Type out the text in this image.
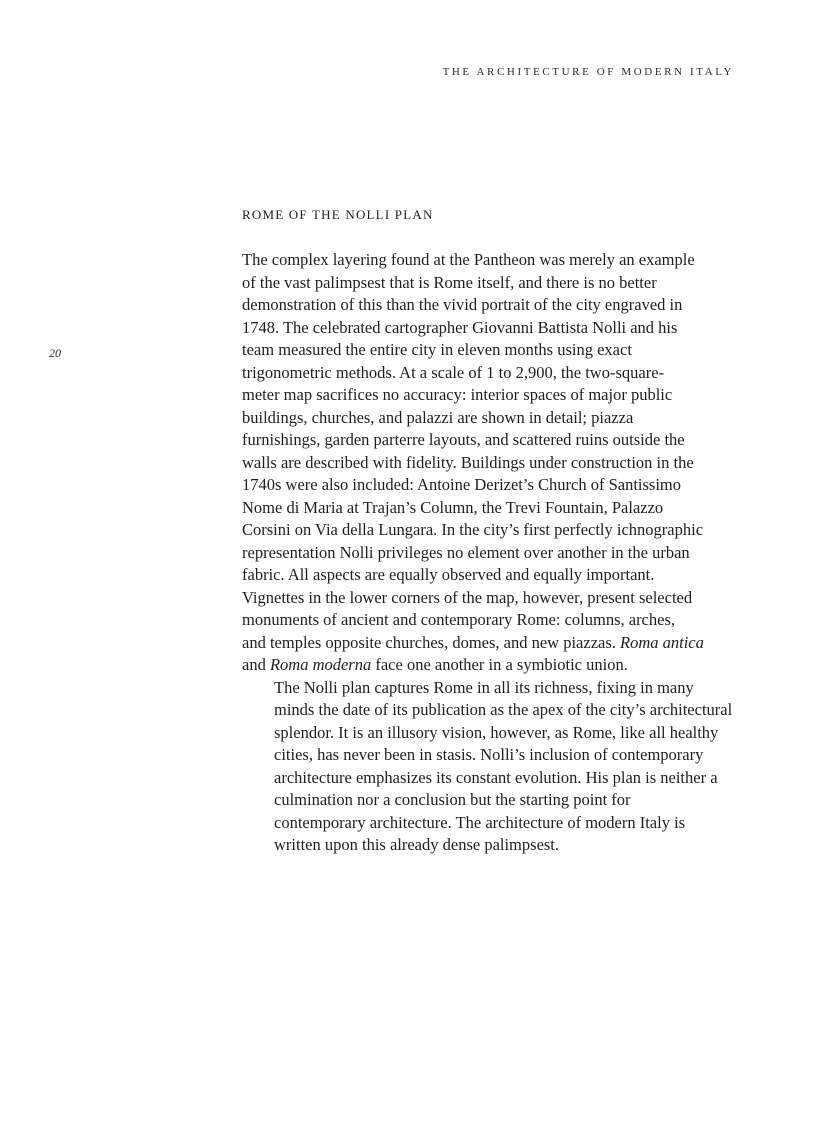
THE ARCHITECTURE OF MODERN ITALY
20
ROME OF THE NOLLI PLAN

The complex layering found at the Pantheon was merely an example
of the vast palimpsest that is Rome itself, and there is no better
demonstration of this than the vivid portrait of the city engraved in
1748. The celebrated cartographer Giovanni Battista Nolli and his
team measured the entire city in eleven months using exact
trigonometric methods. At a scale of 1 to 2,900, the two-square-
meter map sacrifices no accuracy: interior spaces of major public
buildings, churches, and palazzi are shown in detail; piazza
furnishings, garden parterre layouts, and scattered ruins outside the
walls are described with fidelity. Buildings under construction in the
1740s were also included: Antoine Derizet’s Church of Santissimo
Nome di Maria at Trajan’s Column, the Trevi Fountain, Palazzo
Corsini on Via della Lungara. In the city’s first perfectly ichnographic
representation Nolli privileges no element over another in the urban
fabric. All aspects are equally observed and equally important.
Vignettes in the lower corners of the map, however, present selected
monuments of ancient and contemporary Rome: columns, arches,
and temples opposite churches, domes, and new piazzas. Roma antica
and Roma moderna face one another in a symbiotic union.

The Nolli plan captures Rome in all its richness, fixing in many
minds the date of its publication as the apex of the city’s architectural
splendor. It is an illusory vision, however, as Rome, like all healthy
cities, has never been in stasis. Nolli’s inclusion of contemporary
architecture emphasizes its constant evolution. His plan is neither a
culmination nor a conclusion but the starting point for
contemporary architecture. The architecture of modern Italy is
written upon this already dense palimpsest.
